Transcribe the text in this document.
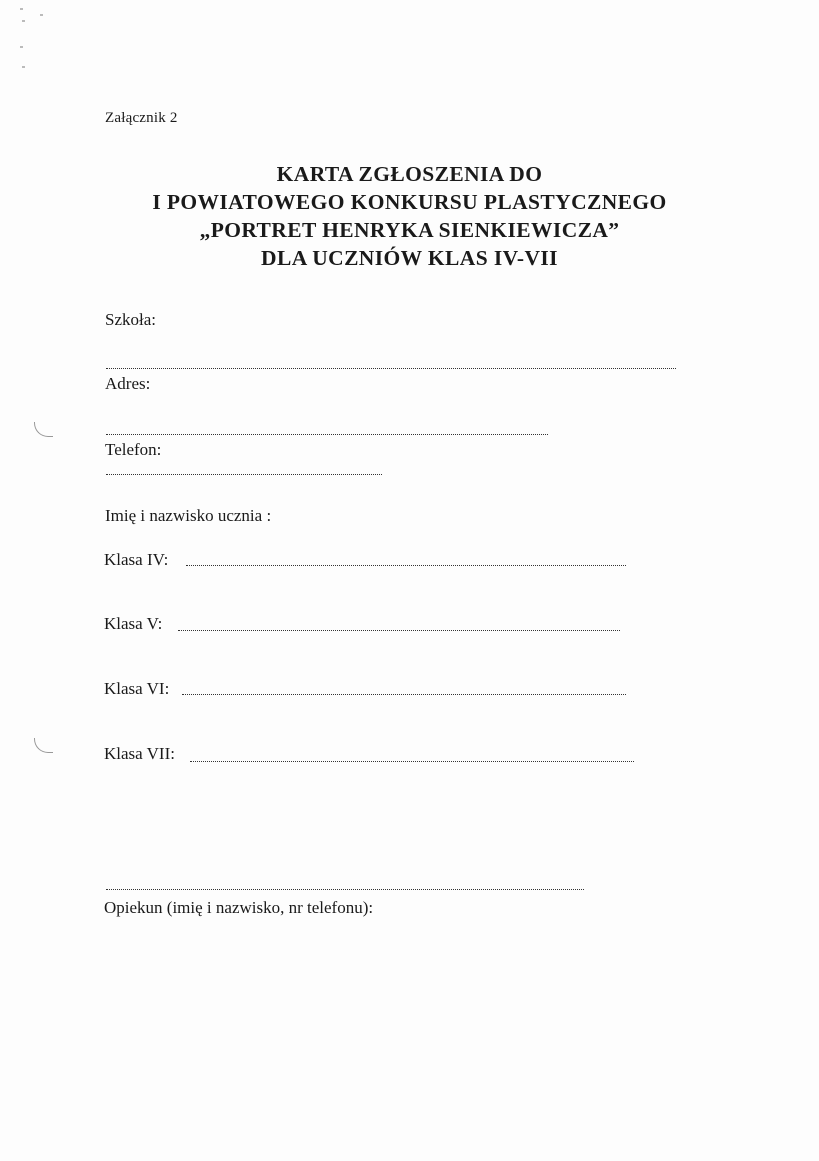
Załącznik 2
KARTA ZGŁOSZENIA DO
I POWIATOWEGO KONKURSU PLASTYCZNEGO
„PORTRET HENRYKA SIENKIEWICZA”
DLA UCZNIÓW KLAS IV-VII
Szkoła:
Adres:
Telefon:
Imię i nazwisko ucznia :
Klasa IV:
Klasa V:
Klasa VI:
Klasa VII:
Opiekun (imię i nazwisko, nr telefonu):
